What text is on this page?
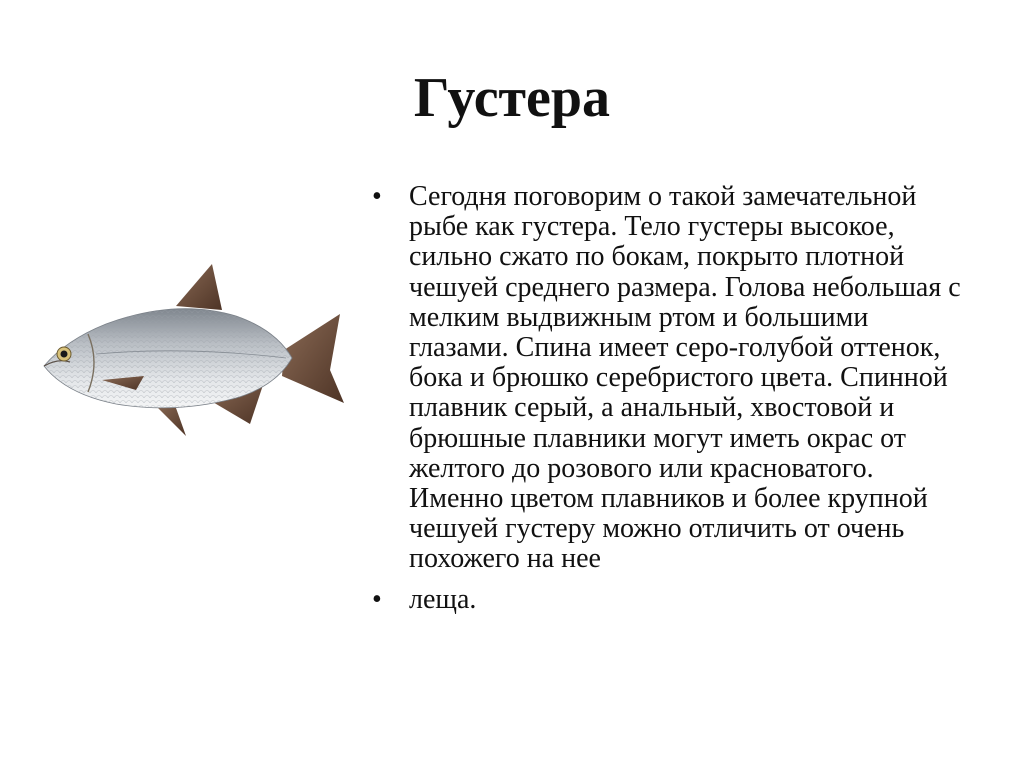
Густера
• Сегодня поговорим о такой замечательной рыбе как густера. Тело густеры высокое, сильно сжато по бокам, покрыто плотной чешуей среднего размера. Голова небольшая с мелким выдвижным ртом и большими глазами. Спина имеет серо-голубой оттенок, бока и брюшко серебристого цвета. Спинной плавник серый, а анальный, хвостовой и брюшные плавники могут иметь окрас от желтого до розового или красноватого. Именно цветом плавников и более крупной чешуей густеру можно отличить от очень похожего на нее
• леща.
